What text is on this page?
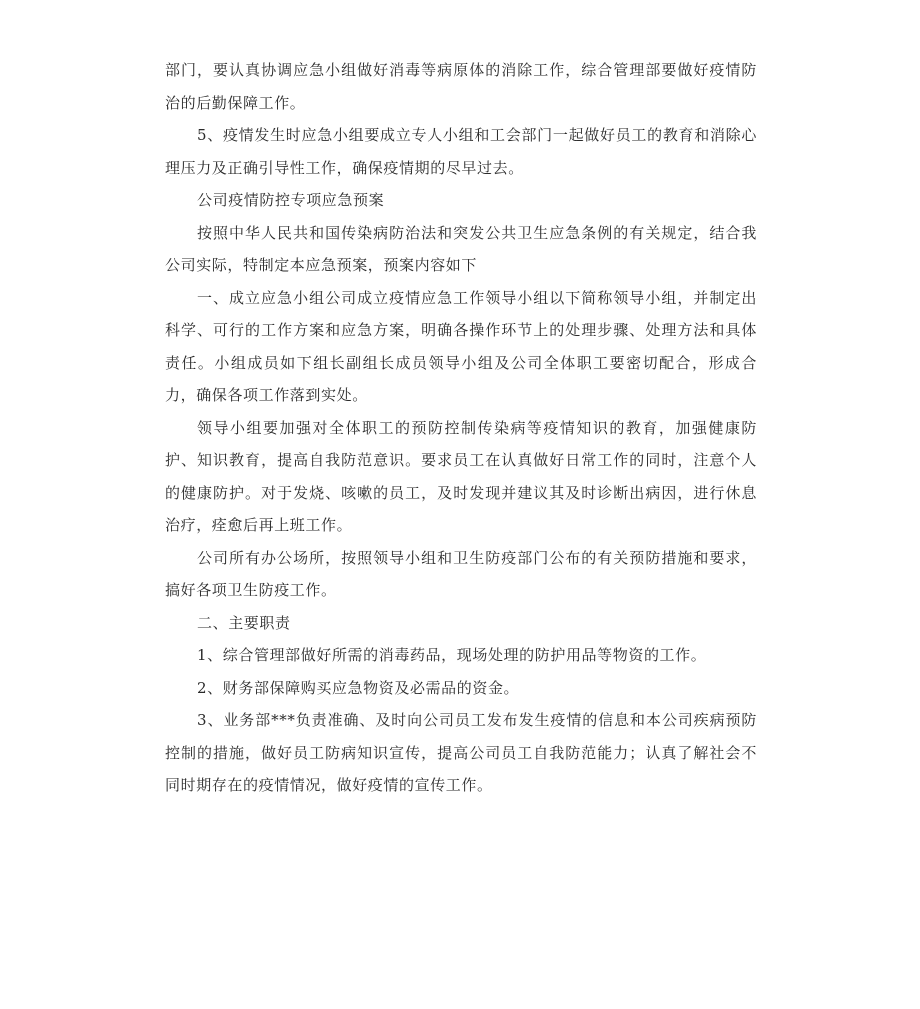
部门，要认真协调应急小组做好消毒等病原体的消除工作，综合管理部要做好疫情防治的后勤保障工作。

5、疫情发生时应急小组要成立专人小组和工会部门一起做好员工的教育和消除心理压力及正确引导性工作，确保疫情期的尽早过去。

公司疫情防控专项应急预案

按照中华人民共和国传染病防治法和突发公共卫生应急条例的有关规定，结合我公司实际，特制定本应急预案，预案内容如下

一、成立应急小组公司成立疫情应急工作领导小组以下简称领导小组，并制定出科学、可行的工作方案和应急方案，明确各操作环节上的处理步骤、处理方法和具体责任。小组成员如下组长副组长成员领导小组及公司全体职工要密切配合，形成合力，确保各项工作落到实处。

领导小组要加强对全体职工的预防控制传染病等疫情知识的教育，加强健康防护、知识教育，提高自我防范意识。要求员工在认真做好日常工作的同时，注意个人的健康防护。对于发烧、咳嗽的员工，及时发现并建议其及时诊断出病因，进行休息治疗，痊愈后再上班工作。

公司所有办公场所，按照领导小组和卫生防疫部门公布的有关预防措施和要求，搞好各项卫生防疫工作。

二、主要职责

1、综合管理部做好所需的消毒药品，现场处理的防护用品等物资的工作。

2、财务部保障购买应急物资及必需品的资金。

3、业务部***负责准确、及时向公司员工发布发生疫情的信息和本公司疾病预防控制的措施，做好员工防病知识宣传，提高公司员工自我防范能力；认真了解社会不同时期存在的疫情情况，做好疫情的宣传工作。
